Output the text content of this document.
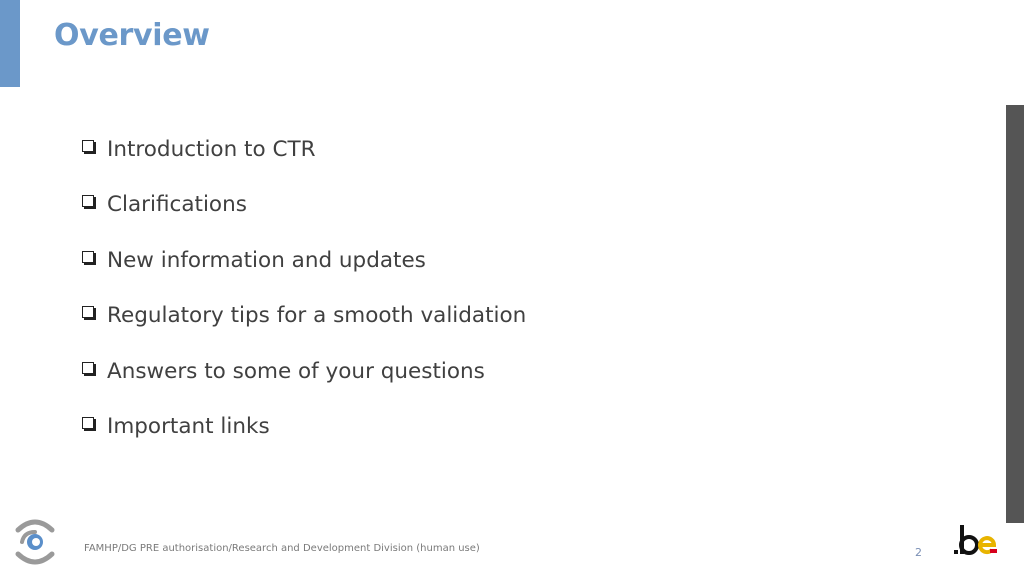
Overview
Introduction to CTR
Clarifications
New information and updates
Regulatory tips for a smooth validation
Answers to some of your questions
Important links
FAMHP/DG PRE authorisation/Research and Development Division (human use)	2
